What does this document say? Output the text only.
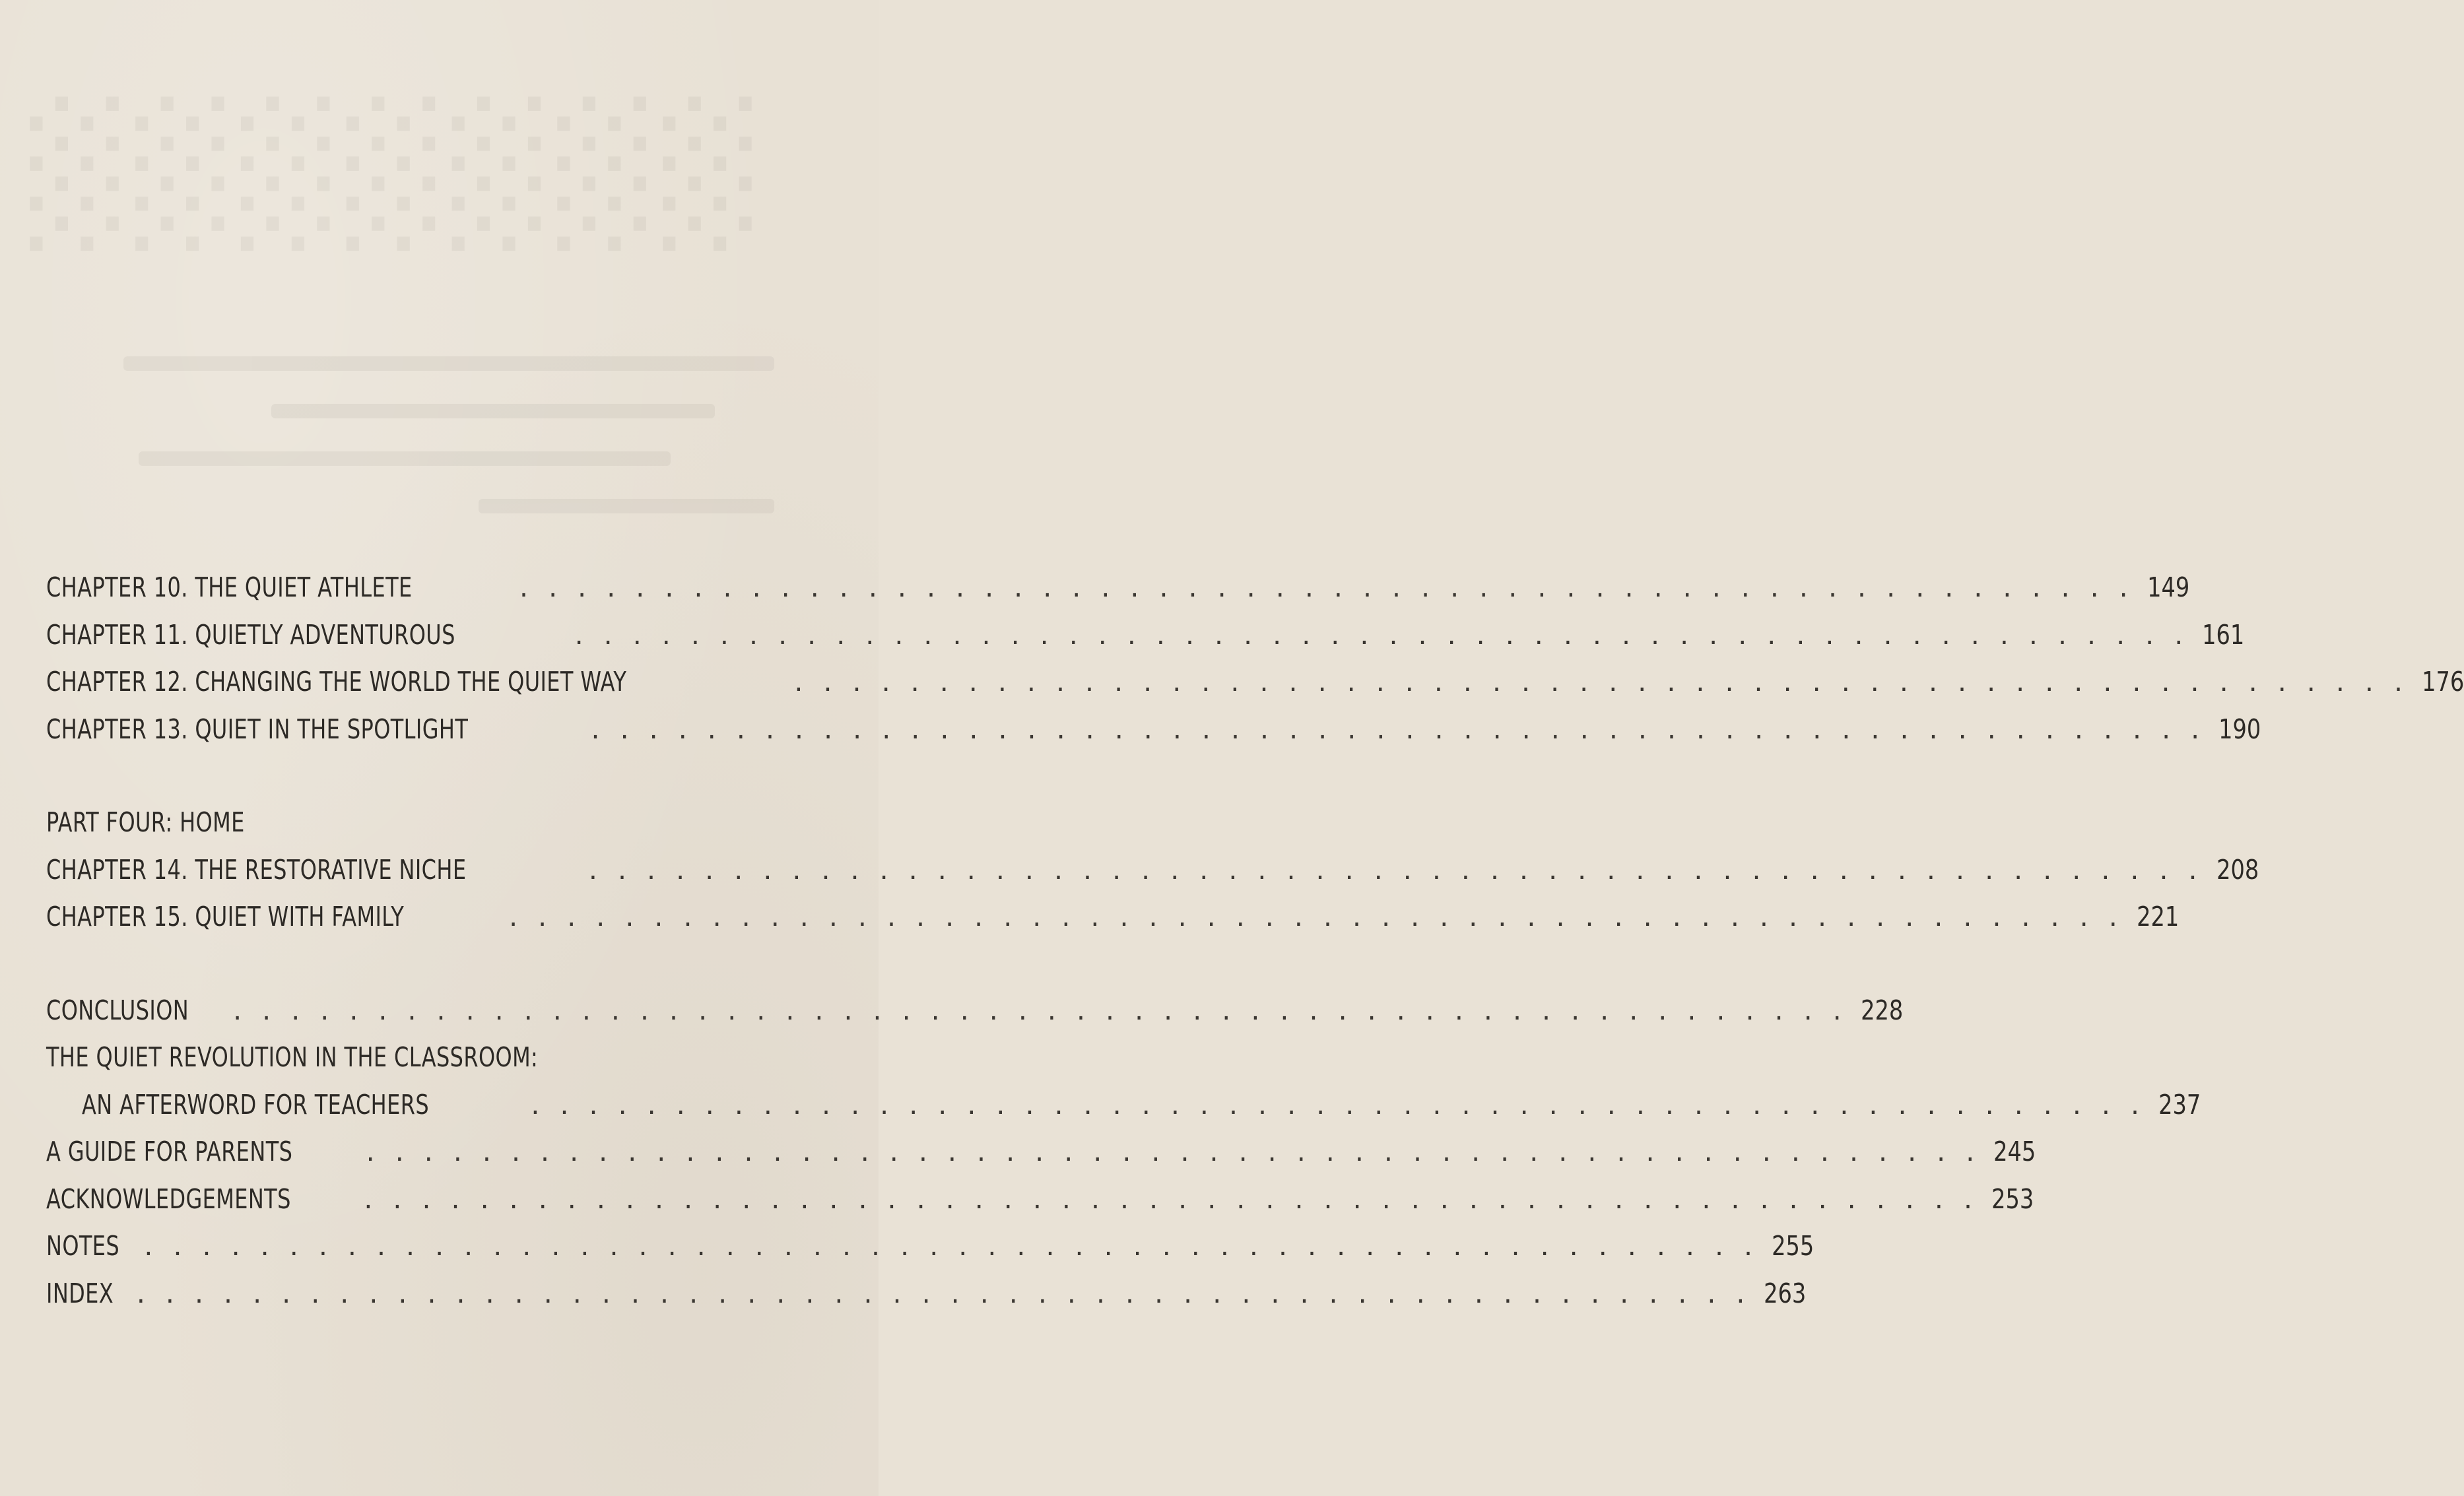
░░░░░░░
CHAPTER 10. THE QUIET ATHLETE	. . . . . . . . . . . . . . . . . . . . . . . . . . . . . . . . . . . . . . . . . . . . . . . . . . . . . . . . 149
CHAPTER 11. QUIETLY ADVENTUROUS	. . . . . . . . . . . . . . . . . . . . . . . . . . . . . . . . . . . . . . . . . . . . . . . . . . . . . . . . 161
CHAPTER 12. CHANGING THE WORLD THE QUIET WAY	. . . . . . . . . . . . . . . . . . . . . . . . . . . . . . . . . . . . . . . . . . . . . . . . . . . . . . . . 176
CHAPTER 13. QUIET IN THE SPOTLIGHT	. . . . . . . . . . . . . . . . . . . . . . . . . . . . . . . . . . . . . . . . . . . . . . . . . . . . . . . . 190
PART FOUR: HOME
CHAPTER 14. THE RESTORATIVE NICHE	. . . . . . . . . . . . . . . . . . . . . . . . . . . . . . . . . . . . . . . . . . . . . . . . . . . . . . . . 208
CHAPTER 15. QUIET WITH FAMILY	. . . . . . . . . . . . . . . . . . . . . . . . . . . . . . . . . . . . . . . . . . . . . . . . . . . . . . . . 221
CONCLUSION . . . . . . . . . . . . . . . . . . . . . . . . . . . . . . . . . . . . . . . . . . . . . . . . . . . . . . . . 228
THE QUIET REVOLUTION IN THE CLASSROOM:
AN AFTERWORD FOR TEACHERS	. . . . . . . . . . . . . . . . . . . . . . . . . . . . . . . . . . . . . . . . . . . . . . . . . . . . . . . . 237
A GUIDE FOR PARENTS	. . . . . . . . . . . . . . . . . . . . . . . . . . . . . . . . . . . . . . . . . . . . . . . . . . . . . . . . 245
ACKNOWLEDGEMENTS	. . . . . . . . . . . . . . . . . . . . . . . . . . . . . . . . . . . . . . . . . . . . . . . . . . . . . . . . 253
NOTES . . . . . . . . . . . . . . . . . . . . . . . . . . . . . . . . . . . . . . . . . . . . . . . . . . . . . . . . 255
INDEX . . . . . . . . . . . . . . . . . . . . . . . . . . . . . . . . . . . . . . . . . . . . . . . . . . . . . . . . 263
